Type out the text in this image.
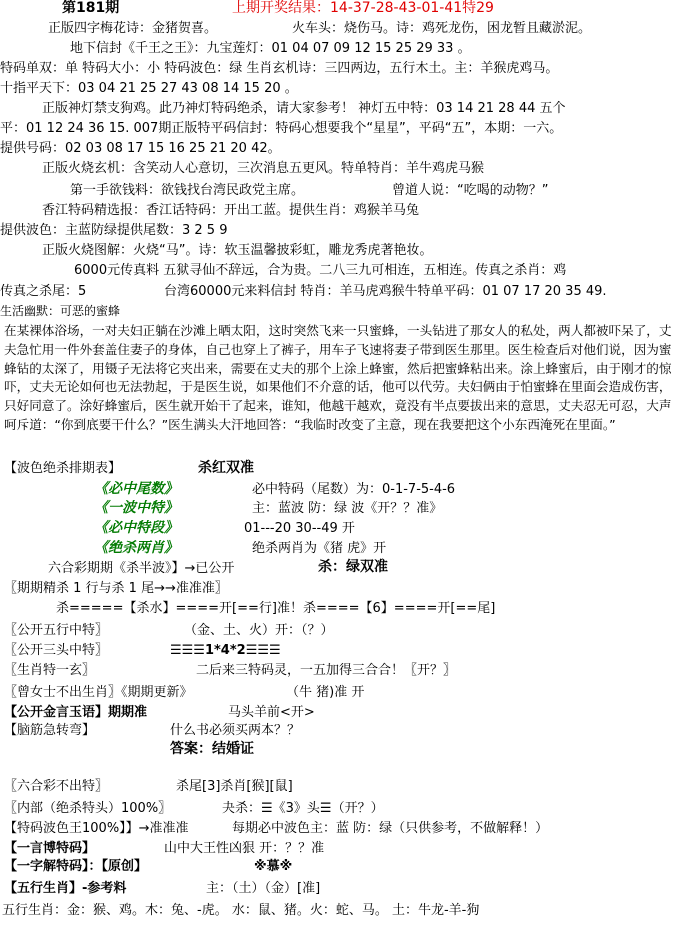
第181期	上期开奖结果：14-37-28-43-01-41特29
正版四字梅花诗：金猪贺喜。	火车头：烧伤马。诗：鸡死龙伤，困龙暂且藏淤泥。
地下信封《千王之王》：九宝莲灯：01 04 07 09 12 15 25 29 33 。
特码单双：单 特码大小：小 特码波色：绿 生肖玄机诗：三四两边，五行木土。主：羊猴虎鸡马。
十指平天下：03 04 21 25 27 43 08 14 15 20 。
正版神灯禁支狗鸡。此乃神灯特码绝杀，请大家参考！ 神灯五中特：03 14 21 28 44 五个
平：01 12 24 36 15. 007期正版特平码信封：特码心想要我个“星星”，平码“五”，本期：一六。
提供号码：02 03 08 17 15 16 25 21 20 42。
正版火烧玄机：含笑动人心意切，三次消息五更风。特单特肖：羊牛鸡虎马猴
第一手欲钱料：欲钱找台湾民政党主席。	曾道人说：“吃喝的动物？”
香江特码精选报：香江话特码：开出工蓝。提供生肖：鸡猴羊马兔
提供波色：主蓝防绿提供尾数：3 2 5 9
正版火烧图解：火烧“马”。诗：软玉温馨披彩虹，雕龙秀虎著艳妆。
6000元传真料 五狱寻仙不辞远，合为贵。二八三九可相连，五相连。传真之杀肖：鸡
传真之杀尾：5	台湾60000元来料信封 特肖：羊马虎鸡猴牛特单平码：01 07 17 20 35 49.
生活幽默：可恶的蜜蜂
在某裸体浴场，一对夫妇正躺在沙滩上晒太阳，这时突然飞来一只蜜蜂，一头钻进了那女人的私处，两人都被吓呆了，丈夫急忙用一件外套盖住妻子的身体，自己也穿上了裤子，用车子飞速将妻子带到医生那里。医生检查后对他们说，因为蜜蜂钻的太深了，用镊子无法将它夹出来，需要在丈夫的那个上涂上蜂蜜，然后把蜜蜂粘出来。涂上蜂蜜后，由于刚才的惊吓，丈夫无论如何也无法勃起，于是医生说，如果他们不介意的话，他可以代劳。夫妇俩由于怕蜜蜂在里面会造成伤害，只好同意了。涂好蜂蜜后，医生就开始干了起来，谁知，他越干越欢，竟没有半点要拔出来的意思，丈夫忍无可忍，大声呵斥道：“你到底要干什么？”医生满头大汗地回答：“我临时改变了主意，现在我要把这个小东西淹死在里面。”
【波色绝杀排期表】	杀红双准
《必中尾数》	必中特码（尾数）为：0-1-7-5-4-6
《一波中特》	主：蓝波 防：绿 波《开？？准》
《必中特段》	01---20 30--49 开
《绝杀两肖》	绝杀两肖为《猪 虎》开
六合彩期期《杀半波》】→已公开	杀：绿双准
〖期期精杀 1 行与杀 1 尾→→准准准〗
杀=====【杀水】====开[==行]准！杀====【6】====开[==尾]
〖公开五行中特〗	（金、土、火）开：（？）
〖公开三头中特〗	☰☰☰1*4*2☰☰☰
〖生肖特一玄〗	二后来三特码灵，一五加得三合合！〖开？〗
〖曾女士不出生肖〗《期期更新》	（牛 猪)准 开
【公开金言玉语】期期准	马头羊前<开>
【脑筋急转弯】	什么书必须买两本？？
答案：结婚证
〖六合彩不出特〗	杀尾[3]杀肖[猴][鼠]
〖内部（绝杀特头）100%〗	夬杀：☰《3》头☰（开？）
【特码波色王100%】】→准准准	每期必中波色主：蓝 防：绿（只供参考，不做解释！）
【一言博特码】	山中大王性凶狠 开：？？准
【一字解特码】：【原创】	※慕※
【五行生肖】-参考料	主：（土）（金）[准]
五行生肖：金：猴、鸡。木：兔、-虎。 水：鼠、猪。火：蛇、马。 土：牛龙-羊-狗
